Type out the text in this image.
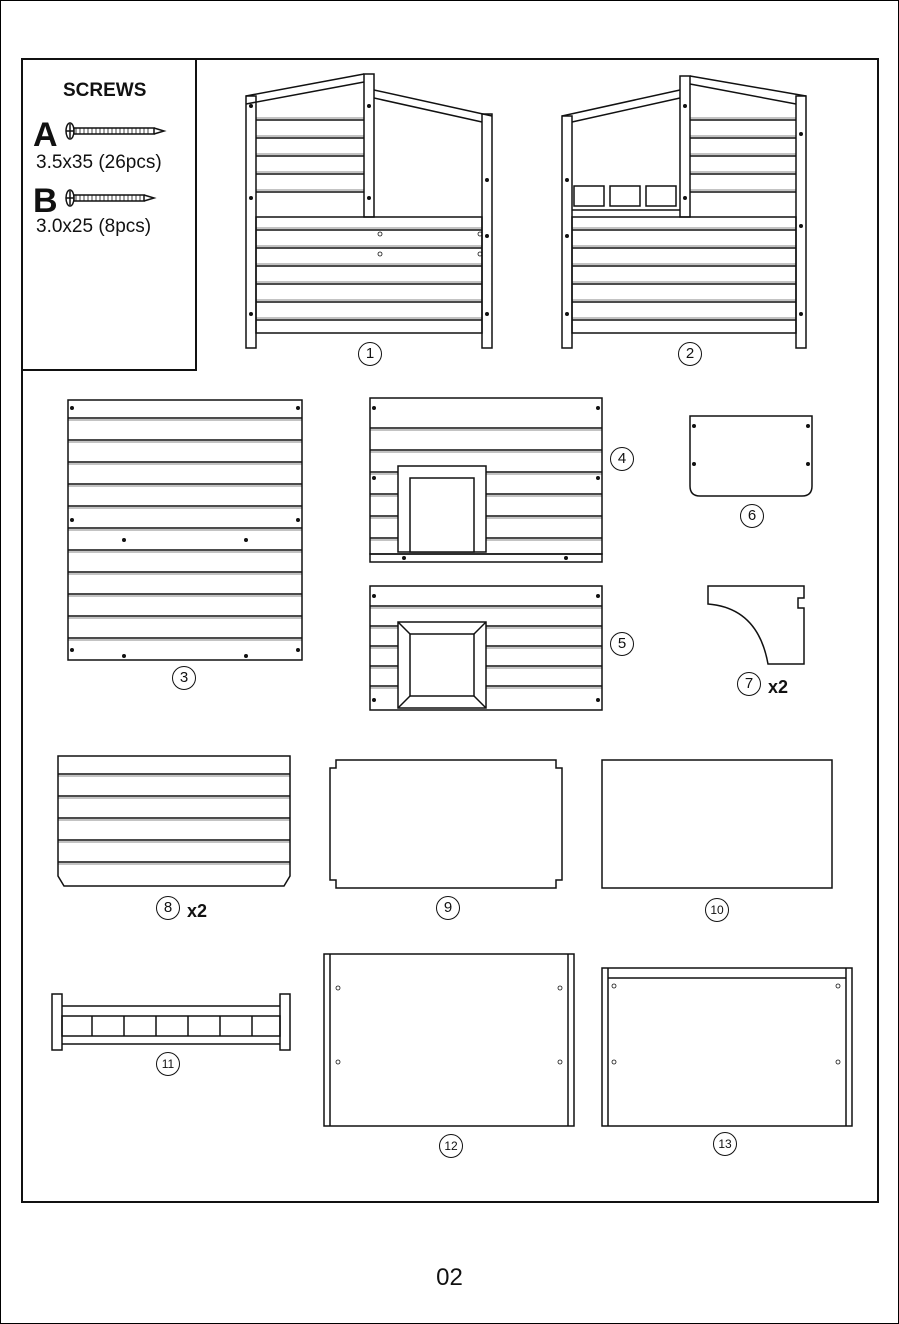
SCREWS
A
3.5x35 (26pcs)
B
3.0x25 (8pcs)
1	2
3
4
5
6
7 x2
8 x2	9	10
11
12	13
02
